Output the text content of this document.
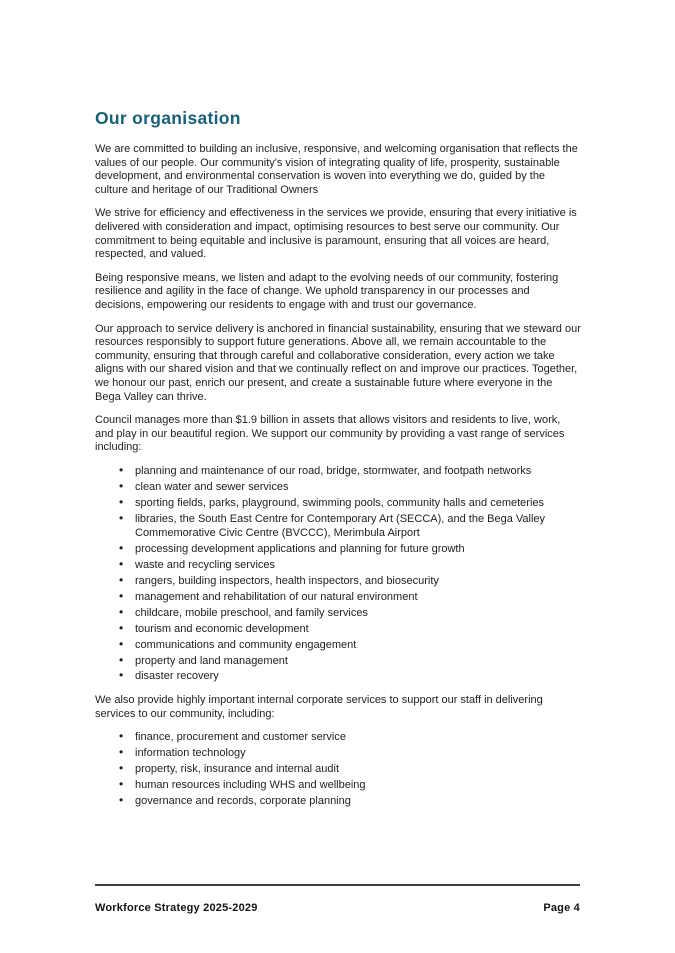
Our organisation

We are committed to building an inclusive, responsive, and welcoming organisation that reflects the values of our people. Our community's vision of integrating quality of life, prosperity, sustainable development, and environmental conservation is woven into everything we do, guided by the culture and heritage of our Traditional Owners

We strive for efficiency and effectiveness in the services we provide, ensuring that every initiative is delivered with consideration and impact, optimising resources to best serve our community. Our commitment to being equitable and inclusive is paramount, ensuring that all voices are heard, respected, and valued.

Being responsive means, we listen and adapt to the evolving needs of our community, fostering resilience and agility in the face of change. We uphold transparency in our processes and decisions, empowering our residents to engage with and trust our governance.

Our approach to service delivery is anchored in financial sustainability, ensuring that we steward our resources responsibly to support future generations. Above all, we remain accountable to the community, ensuring that through careful and collaborative consideration, every action we take aligns with our shared vision and that we continually reflect on and improve our practices. Together, we honour our past, enrich our present, and create a sustainable future where everyone in the Bega Valley can thrive.

Council manages more than $1.9 billion in assets that allows visitors and residents to live, work, and play in our beautiful region. We support our community by providing a vast range of services including:

• planning and maintenance of our road, bridge, stormwater, and footpath networks
• clean water and sewer services
• sporting fields, parks, playground, swimming pools, community halls and cemeteries
• libraries, the South East Centre for Contemporary Art (SECCA), and the Bega Valley Commemorative Civic Centre (BVCCC), Merimbula Airport
• processing development applications and planning for future growth
• waste and recycling services
• rangers, building inspectors, health inspectors, and biosecurity
• management and rehabilitation of our natural environment
• childcare, mobile preschool, and family services
• tourism and economic development
• communications and community engagement
• property and land management
• disaster recovery

We also provide highly important internal corporate services to support our staff in delivering services to our community, including:

• finance, procurement and customer service
• information technology
• property, risk, insurance and internal audit
• human resources including WHS and wellbeing
• governance and records, corporate planning
Workforce Strategy 2025-2029	Page 4
